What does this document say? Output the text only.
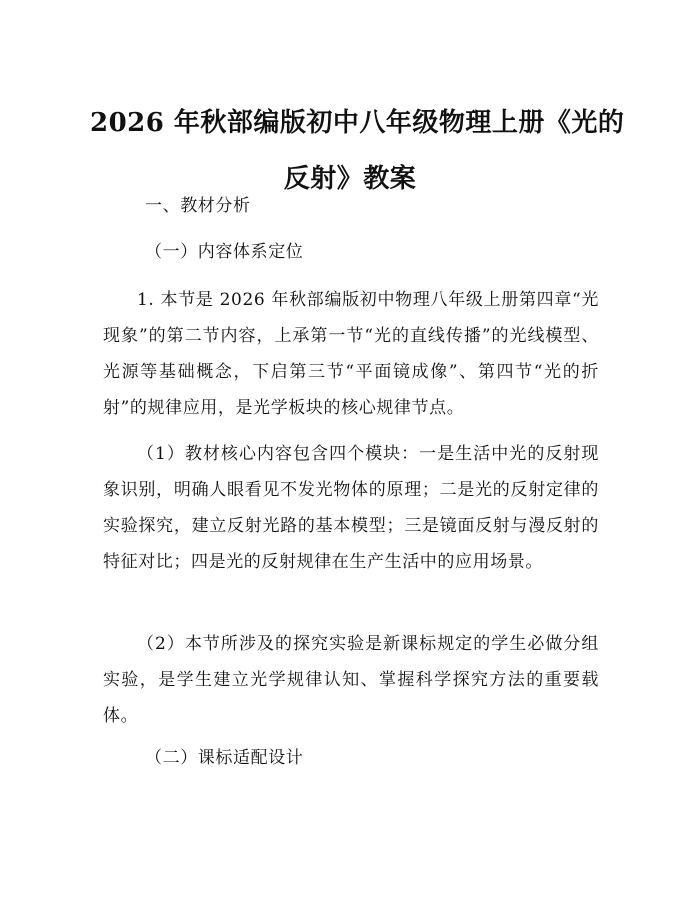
2026 年秋部编版初中八年级物理上册《光的
反射》教案
一、教材分析
（一）内容体系定位

1. 本节是 2026 年秋部编版初中物理八年级上册第四章“光现象”的第二节内容，上承第一节“光的直线传播”的光线模型、光源等基础概念，下启第三节“平面镜成像”、第四节“光的折射”的规律应用，是光学板块的核心规律节点。

（1）教材核心内容包含四个模块：一是生活中光的反射现象识别，明确人眼看见不发光物体的原理；二是光的反射定律的实验探究，建立反射光路的基本模型；三是镜面反射与漫反射的特征对比；四是光的反射规律在生产生活中的应用场景。

（2）本节所涉及的探究实验是新课标规定的学生必做分组实验，是学生建立光学规律认知、掌握科学探究方法的重要载体。

（二）课标适配设计
